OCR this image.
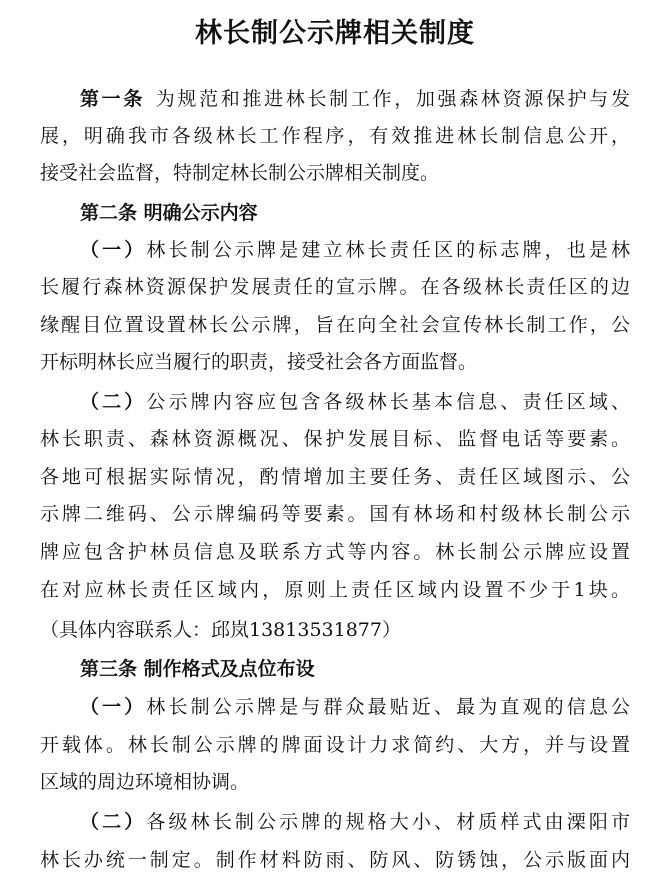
林长制公示牌相关制度
第一条 为规范和推进林长制工作，加强森林资源保护与发
展，明确我市各级林长工作程序，有效推进林长制信息公开，
接受社会监督，特制定林长制公示牌相关制度。
第二条 明确公示内容
（一）林长制公示牌是建立林长责任区的标志牌，也是林
长履行森林资源保护发展责任的宣示牌。在各级林长责任区的边
缘醒目位置设置林长公示牌，旨在向全社会宣传林长制工作，公
开标明林长应当履行的职责，接受社会各方面监督。
（二）公示牌内容应包含各级林长基本信息、责任区域、
林长职责、森林资源概况、保护发展目标、监督电话等要素。
各地可根据实际情况，酌情增加主要任务、责任区域图示、公
示牌二维码、公示牌编码等要素。国有林场和村级林长制公示
牌应包含护林员信息及联系方式等内容。林长制公示牌应设置
在对应林长责任区域内，原则上责任区域内设置不少于1块。
（具体内容联系人：邱岚13813531877）
第三条 制作格式及点位布设
（一）林长制公示牌是与群众最贴近、最为直观的信息公
开载体。林长制公示牌的牌面设计力求简约、大方，并与设置
区域的周边环境相协调。
（二）各级林长制公示牌的规格大小、材质样式由溧阳市
林长办统一制定。制作材料防雨、防风、防锈蚀，公示版面内
